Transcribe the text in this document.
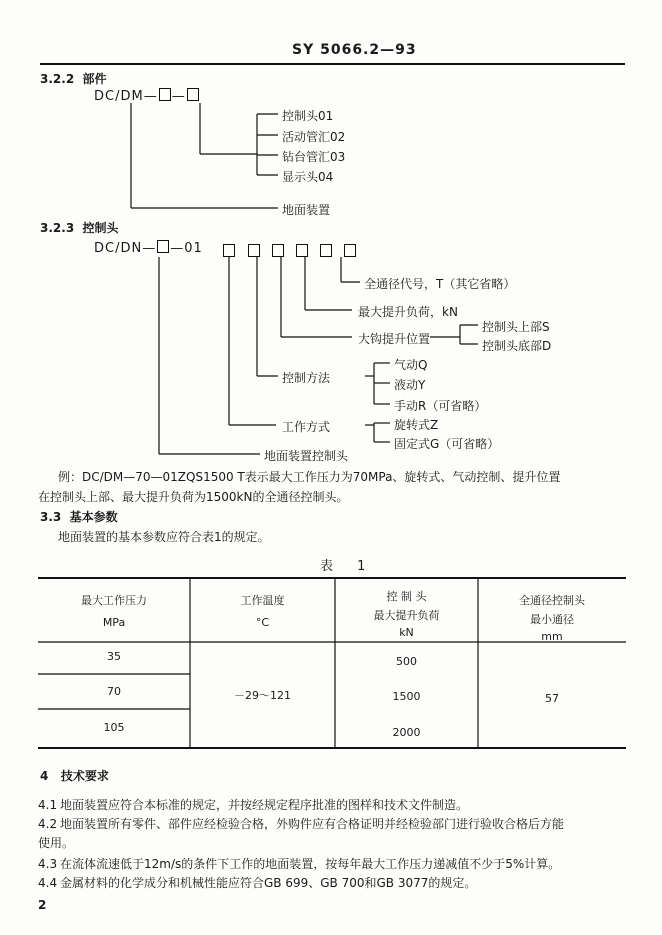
SY 5066.2—93
3.2.2 部件
DC/DM— —
控制头01
活动管汇02
钻台管汇03
显示头04
地面装置
3.2.3 控制头
DC/DN— —01
全通径代号，T（其它省略）
最大提升负荷，kN
大钩提升位置
控制头上部S
控制头底部D
控制方法
气动Q
液动Y
手动R（可省略）
工作方式	旋转式Z
固定式G（可省略）
地面装置控制头
例：DC/DM—70—01ZQS1500 T表示最大工作压力为70MPa、旋转式、气动控制、提升位置
在控制头上部、最大提升负荷为1500kN的全通径控制头。
3.3 基本参数
地面装置的基本参数应符合表1的规定。
表 1
最大工作压力
MPa
工作温度
°C
控 制 头
最大提升负荷
kN
全通径控制头
最小通径
mm
35
70
105
－29～121
500
1500
2000
57
4 技术要求
4.1 地面装置应符合本标准的规定，并按经规定程序批准的图样和技术文件制造。
4.2 地面装置所有零件、部件应经检验合格，外购件应有合格证明并经检验部门进行验收合格后方能
使用。
4.3 在流体流速低于12m/s的条件下工作的地面装置，按每年最大工作压力递减值不少于5%计算。
4.4 金属材料的化学成分和机械性能应符合GB 699、GB 700和GB 3077的规定。
2
